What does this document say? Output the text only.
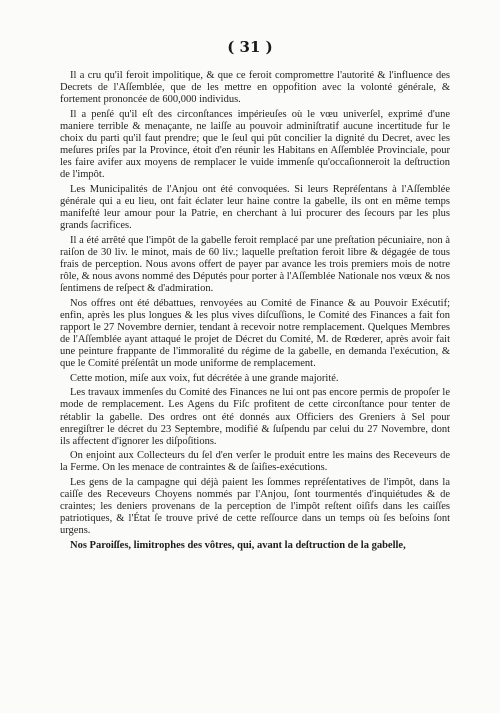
( 31 )

Il a cru qu'il feroit impolitique, & que ce feroit compromettre l'autorité & l'influence des Decrets de l'Aſſemblée, que de les mettre en oppofition avec la volonté générale, & fortement prononcée de 600,000 individus.

Il a penſé qu'il eſt des circonſtances impérieuſes où le vœu univerſel, exprimé d'une maniere terrible & menaçante, ne laiſſe au pouvoir adminiſtratif aucune incertitude fur le choix du parti qu'il faut prendre; que le ſeul qui pût concilier la dignité du Decret, avec les meſures priſes par la Province, étoit d'en réunir les Habitans en Aſſemblée Provinciale, pour les faire avifer aux moyens de remplacer le vuide immenſe qu'occaſionneroit la deſtruction de l'impôt.

Les Municipalités de l'Anjou ont été convoquées. Si leurs Repréſentans à l'Aſſemblée générale qui a eu lieu, ont fait éclater leur haine contre la gabelle, ils ont en même temps manifeſté leur amour pour la Patrie, en cherchant à lui procurer des ſecours par les plus grands ſacrifices.

Il a été arrêté que l'impôt de la gabelle feroit remplacé par une preſtation pécuniaire, non à raiſon de 30 liv. le minot, mais de 60 liv.; laquelle preſtation feroit libre & dégagée de tous frais de perception. Nous avons offert de payer par avance les trois premiers mois de notre rôle, & nous avons nommé des Députés pour porter à l'Aſſemblée Nationale nos vœux & nos ſentimens de reſpect & d'admiration.

Nos offres ont été débattues, renvoyées au Comité de Finance & au Pouvoir Exécutif; enfin, après les plus longues & les plus vives diſcuſſions, le Comité des Finances a fait fon rapport le 27 Novembre dernier, tendant à recevoir notre remplacement. Quelques Membres de l'Aſſemblée ayant attaqué le projet de Décret du Comité, M. de Rœderer, après avoir fait une peinture frappante de l'immoralité du régime de la gabelle, en demanda l'exécution, & que le Comité préſentât un mode uniforme de remplacement.

Cette motion, miſe aux voix, fut décrétée à une grande majorité.

Les travaux immenſes du Comité des Finances ne lui ont pas encore permis de propoſer le mode de remplacement. Les Agens du Fiſc profitent de cette circonſtance pour tenter de rétablir la gabelle. Des ordres ont été donnés aux Officiers des Greniers à Sel pour enregiſtrer le décret du 23 Septembre, modifié & ſuſpendu par celui du 27 Novembre, dont ils affectent d'ignorer les diſpoſitions.

On enjoint aux Collecteurs du ſel d'en verſer le produit entre les mains des Receveurs de la Ferme. On les menace de contraintes & de ſaiſies-exécutions.

Les gens de la campagne qui déjà paient les ſommes repréſentatives de l'impôt, dans la caiſſe des Receveurs Choyens nommés par l'Anjou, ſont tourmentés d'inquiétudes & de craintes; les deniers provenans de la perception de l'impôt reſtent oiſifs dans les caiſſes patriotiques, & l'État ſe trouve privé de cette reſſource dans un temps où ſes beſoins ſont urgens.

Nos Paroiſſes, limitrophes des vôtres, qui, avant la deſtruction de la gabelle,
